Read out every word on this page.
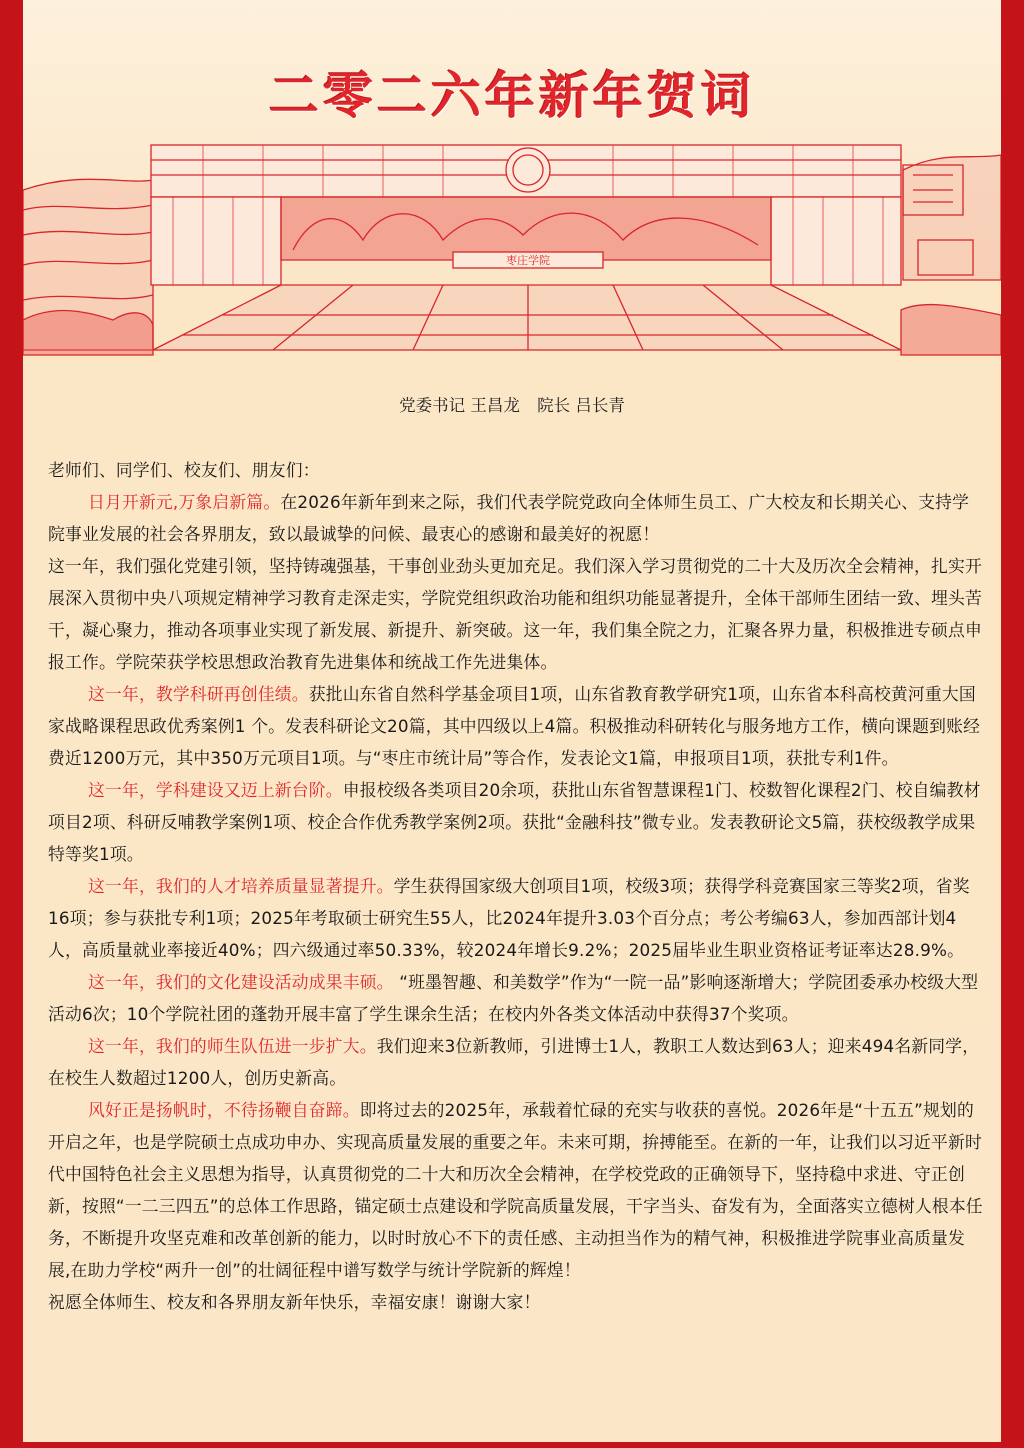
二零二六年新年贺词
枣庄学院
党委书记 王昌龙 院长 吕长青

老师们、同学们、校友们、朋友们：

日月开新元,万象启新篇。在2026年新年到来之际，我们代表学院党政向全体师生员工、广大校友和长期关心、支持学院事业发展的社会各界朋友，致以最诚挚的问候、最衷心的感谢和最美好的祝愿！

这一年，我们强化党建引领，坚持铸魂强基，干事创业劲头更加充足。我们深入学习贯彻党的二十大及历次全会精神，扎实开展深入贯彻中央八项规定精神学习教育走深走实，学院党组织政治功能和组织功能显著提升，全体干部师生团结一致、埋头苦干，凝心聚力，推动各项事业实现了新发展、新提升、新突破。这一年，我们集全院之力，汇聚各界力量，积极推进专硕点申报工作。学院荣获学校思想政治教育先进集体和统战工作先进集体。

这一年，教学科研再创佳绩。获批山东省自然科学基金项目1项，山东省教育教学研究1项，山东省本科高校黄河重大国家战略课程思政优秀案例1 个。发表科研论文20篇，其中四级以上4篇。积极推动科研转化与服务地方工作，横向课题到账经费近1200万元，其中350万元项目1项。与“枣庄市统计局”等合作，发表论文1篇，申报项目1项，获批专利1件。

这一年，学科建设又迈上新台阶。申报校级各类项目20余项，获批山东省智慧课程1门、校数智化课程2门、校自编教材项目2项、科研反哺教学案例1项、校企合作优秀教学案例2项。获批“金融科技”微专业。发表教研论文5篇，获校级教学成果特等奖1项。

这一年，我们的人才培养质量显著提升。学生获得国家级大创项目1项，校级3项；获得学科竞赛国家三等奖2项，省奖16项；参与获批专利1项；2025年考取硕士研究生55人，比2024年提升3.03个百分点；考公考编63人，参加西部计划4 人，高质量就业率接近40%；四六级通过率50.33%，较2024年增长9.2%；2025届毕业生职业资格证考证率达28.9%。

这一年，我们的文化建设活动成果丰硕。 “班墨智趣、和美数学”作为“一院一品”影响逐渐增大；学院团委承办校级大型活动6次；10个学院社团的蓬勃开展丰富了学生课余生活；在校内外各类文体活动中获得37个奖项。

这一年，我们的师生队伍进一步扩大。我们迎来3位新教师，引进博士1人，教职工人数达到63人；迎来494名新同学，在校生人数超过1200人，创历史新高。

风好正是扬帆时，不待扬鞭自奋蹄。即将过去的2025年，承载着忙碌的充实与收获的喜悦。2026年是“十五五”规划的开启之年，也是学院硕士点成功申办、实现高质量发展的重要之年。未来可期，拚搏能至。在新的一年，让我们以习近平新时代中国特色社会主义思想为指导，认真贯彻党的二十大和历次全会精神，在学校党政的正确领导下，坚持稳中求进、守正创新，按照“一二三四五”的总体工作思路，锚定硕士点建设和学院高质量发展，干字当头、奋发有为，全面落实立德树人根本任务，不断提升攻坚克难和改革创新的能力，以时时放心不下的责任感、主动担当作为的精气神，积极推进学院事业高质量发展,在助力学校“两升一创”的壮阔征程中谱写数学与统计学院新的辉煌！

祝愿全体师生、校友和各界朋友新年快乐，幸福安康！谢谢大家！
